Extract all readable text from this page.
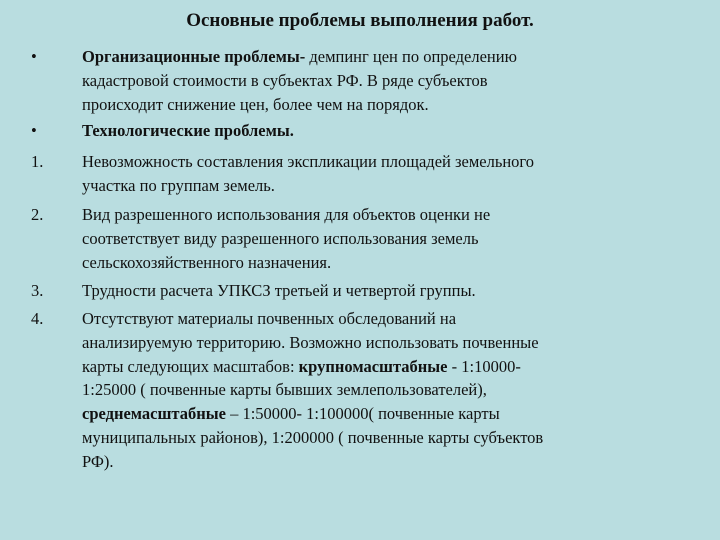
Основные проблемы выполнения работ.
•	Организационные проблемы- демпинг цен по определению
кадастровой стоимости в субъектах РФ. В ряде субъектов
происходит снижение цен, более чем на порядок.
•	Технологические проблемы.
1. Невозможность составления экспликации площадей земельного
участка по группам земель.
2. Вид разрешенного использования для объектов оценки не
соответствует виду разрешенного использования земель
сельскохозяйственного назначения.
3. Трудности расчета УПКСЗ третьей и четвертой группы.
4. Отсутствуют материалы почвенных обследований на
анализируемую территорию. Возможно использовать почвенные
карты следующих масштабов: крупномасштабные - 1:10000-
1:25000 ( почвенные карты бывших землепользователей),
среднемасштабные – 1:50000- 1:100000( почвенные карты
муниципальных районов), 1:200000 ( почвенные карты субъектов
РФ).
